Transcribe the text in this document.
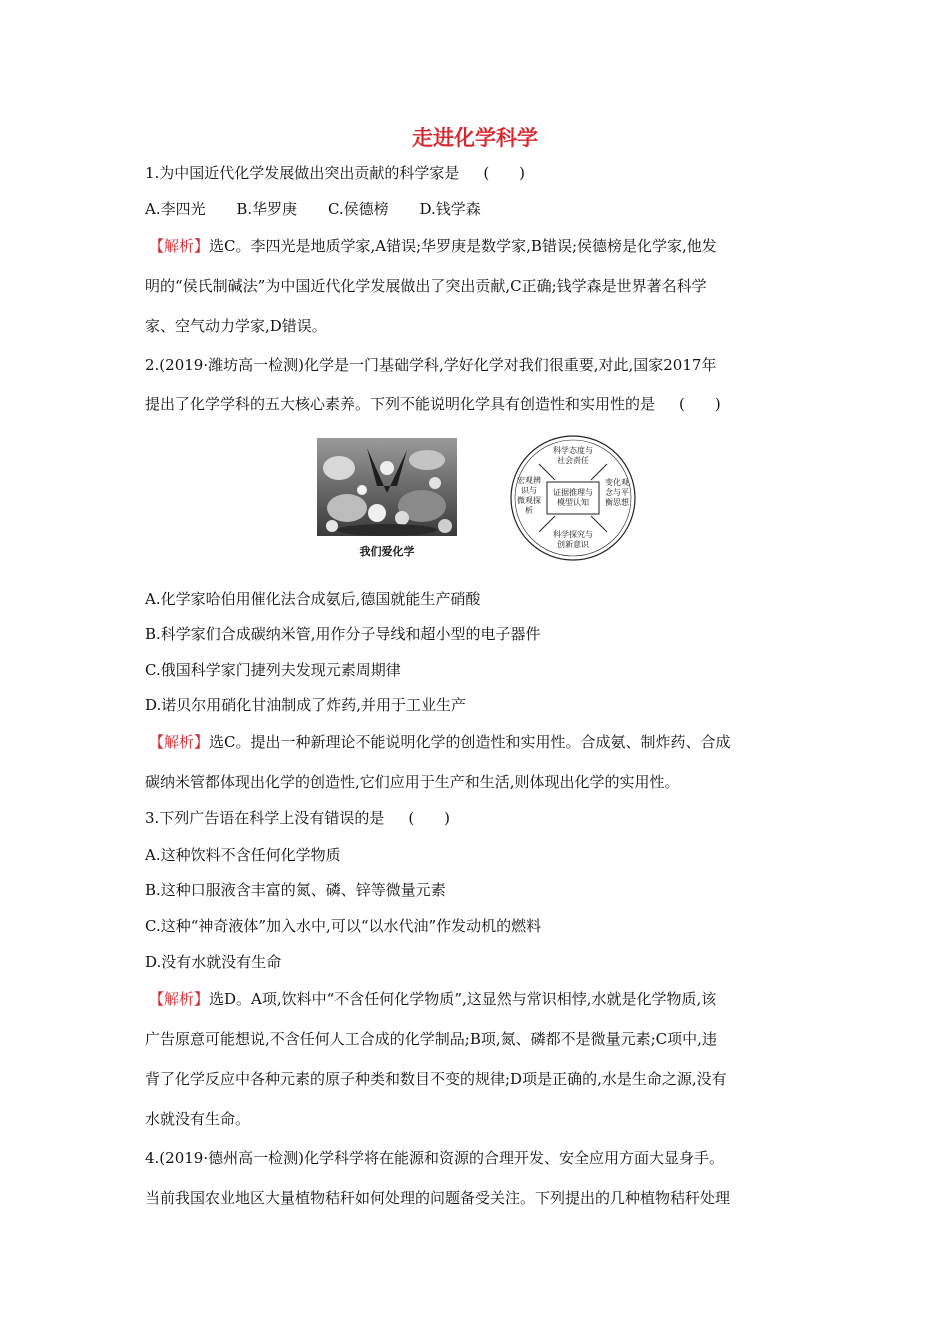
走进化学科学
1.为中国近代化学发展做出突出贡献的科学家是 (　　)
A.李四光 B.华罗庚 C.侯德榜 D.钱学森
【解析】选C。李四光是地质学家,A错误;华罗庚是数学家,B错误;侯德榜是化学家,他发
明的“侯氏制碱法”为中国近代化学发展做出了突出贡献,C正确;钱学森是世界著名科学
家、空气动力学家,D错误。
2.(2019·潍坊高一检测)化学是一门基础学科,学好化学对我们很重要,对此,国家2017年
提出了化学学科的五大核心素养。下列不能说明化学具有创造性和实用性的是 (　　)
我们爱化学
科学态度与
社会责任
宏观辨
识与
微观探
析
证据推理与
模型认知
变化观
念与平
衡思想
科学探究与
创新意识
A.化学家哈伯用催化法合成氨后,德国就能生产硝酸
B.科学家们合成碳纳米管,用作分子导线和超小型的电子器件
C.俄国科学家门捷列夫发现元素周期律
D.诺贝尔用硝化甘油制成了炸药,并用于工业生产
【解析】选C。提出一种新理论不能说明化学的创造性和实用性。合成氨、制炸药、合成
碳纳米管都体现出化学的创造性,它们应用于生产和生活,则体现出化学的实用性。
3.下列广告语在科学上没有错误的是 (　　)
A.这种饮料不含任何化学物质
B.这种口服液含丰富的氮、磷、锌等微量元素
C.这种“神奇液体”加入水中,可以“以水代油”作发动机的燃料
D.没有水就没有生命
【解析】选D。A项,饮料中“不含任何化学物质”,这显然与常识相悖,水就是化学物质,该
广告原意可能想说,不含任何人工合成的化学制品;B项,氮、磷都不是微量元素;C项中,违
背了化学反应中各种元素的原子种类和数目不变的规律;D项是正确的,水是生命之源,没有
水就没有生命。
4.(2019·德州高一检测)化学科学将在能源和资源的合理开发、安全应用方面大显身手。
当前我国农业地区大量植物秸秆如何处理的问题备受关注。下列提出的几种植物秸秆处理
